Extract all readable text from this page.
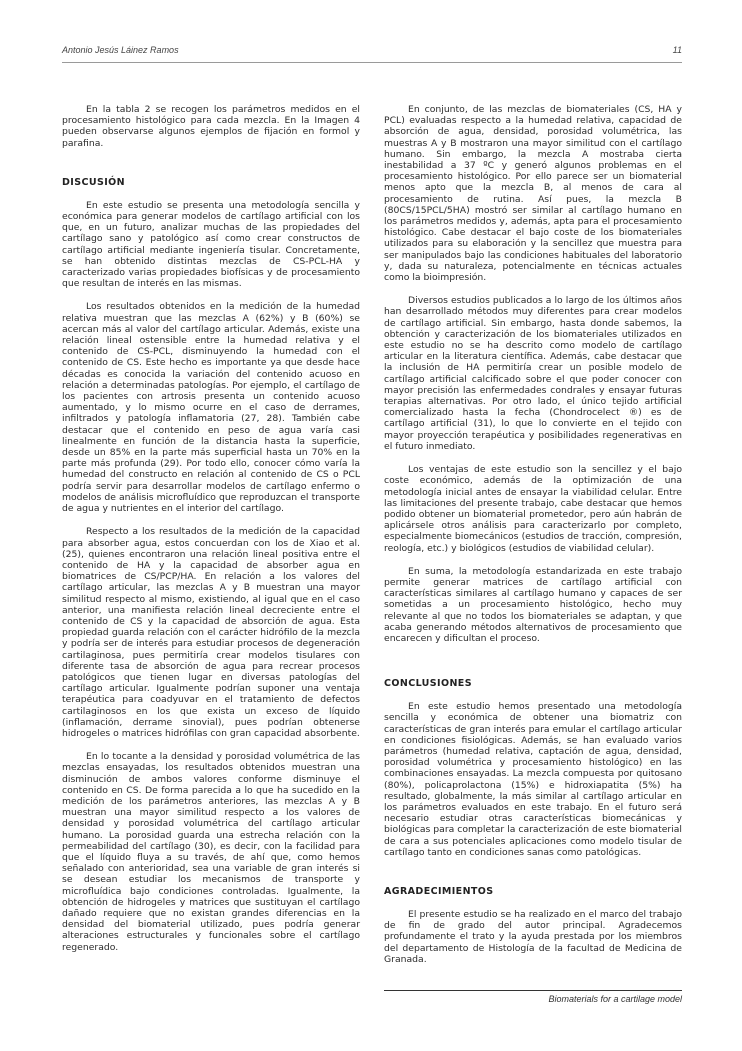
Antonio Jesús Láinez Ramos	11

En la tabla 2 se recogen los parámetros medidos en el procesamiento histológico para cada mezcla. En la Imagen 4 pueden observarse algunos ejemplos de fijación en formol y parafina.

DISCUSIÓN

En este estudio se presenta una metodología sencilla y económica para generar modelos de cartílago artificial con los que, en un futuro, analizar muchas de las propiedades del cartílago sano y patológico así como crear constructos de cartílago artificial mediante ingeniería tisular. Concretamente, se han obtenido distintas mezclas de CS-PCL-HA y caracterizado varias propiedades biofísicas y de procesamiento que resultan de interés en las mismas.

Los resultados obtenidos en la medición de la humedad relativa muestran que las mezclas A (62%) y B (60%) se acercan más al valor del cartílago articular. Además, existe una relación lineal ostensible entre la humedad relativa y el contenido de CS-PCL, disminuyendo la humedad con el contenido de CS. Este hecho es importante ya que desde hace décadas es conocida la variación del contenido acuoso en relación a determinadas patologías. Por ejemplo, el cartílago de los pacientes con artrosis presenta un contenido acuoso aumentado, y lo mismo ocurre en el caso de derrames, infiltrados y patología inflamatoria (27, 28). También cabe destacar que el contenido en peso de agua varía casi linealmente en función de la distancia hasta la superficie, desde un 85% en la parte más superficial hasta un 70% en la parte más profunda (29). Por todo ello, conocer cómo varía la humedad del constructo en relación al contenido de CS o PCL podría servir para desarrollar modelos de cartílago enfermo o modelos de análisis microfluídico que reproduzcan el transporte de agua y nutrientes en el interior del cartílago.

Respecto a los resultados de la medición de la capacidad para absorber agua, estos concuerdan con los de Xiao et al. (25), quienes encontraron una relación lineal positiva entre el contenido de HA y la capacidad de absorber agua en biomatrices de CS/PCP/HA. En relación a los valores del cartílago articular, las mezclas A y B muestran una mayor similitud respecto al mismo, existiendo, al igual que en el caso anterior, una manifiesta relación lineal decreciente entre el contenido de CS y la capacidad de absorción de agua. Esta propiedad guarda relación con el carácter hidrófilo de la mezcla y podría ser de interés para estudiar procesos de degeneración cartilaginosa, pues permitiría crear modelos tisulares con diferente tasa de absorción de agua para recrear procesos patológicos que tienen lugar en diversas patologías del cartílago articular. Igualmente podrían suponer una ventaja terapéutica para coadyuvar en el tratamiento de defectos cartilaginosos en los que exista un exceso de líquido (inflamación, derrame sinovial), pues podrían obtenerse hidrogeles o matrices hidrófilas con gran capacidad absorbente.

En lo tocante a la densidad y porosidad volumétrica de las mezclas ensayadas, los resultados obtenidos muestran una disminución de ambos valores conforme disminuye el contenido en CS. De forma parecida a lo que ha sucedido en la medición de los parámetros anteriores, las mezclas A y B muestran una mayor similitud respecto a los valores de densidad y porosidad volumétrica del cartílago articular humano. La porosidad guarda una estrecha relación con la permeabilidad del cartílago (30), es decir, con la facilidad para que el líquido fluya a su través, de ahí que, como hemos señalado con anterioridad, sea una variable de gran interés si se desean estudiar los mecanismos de transporte y microfluídica bajo condiciones controladas. Igualmente, la obtención de hidrogeles y matrices que sustituyan el cartílago dañado requiere que no existan grandes diferencias en la densidad del biomaterial utilizado, pues podría generar alteraciones estructurales y funcionales sobre el cartílago regenerado.

En conjunto, de las mezclas de biomateriales (CS, HA y PCL) evaluadas respecto a la humedad relativa, capacidad de absorción de agua, densidad, porosidad volumétrica, las muestras A y B mostraron una mayor similitud con el cartílago humano. Sin embargo, la mezcla A mostraba cierta inestabilidad a 37 ºC y generó algunos problemas en el procesamiento histológico. Por ello parece ser un biomaterial menos apto que la mezcla B, al menos de cara al procesamiento de rutina. Así pues, la mezcla B (80CS/15PCL/5HA) mostró ser similar al cartílago humano en los parámetros medidos y, además, apta para el procesamiento histológico. Cabe destacar el bajo coste de los biomateriales utilizados para su elaboración y la sencillez que muestra para ser manipulados bajo las condiciones habituales del laboratorio y, dada su naturaleza, potencialmente en técnicas actuales como la bioimpresión.

Diversos estudios publicados a lo largo de los últimos años han desarrollado métodos muy diferentes para crear modelos de cartílago artificial. Sin embargo, hasta donde sabemos, la obtención y caracterización de los biomateriales utilizados en este estudio no se ha descrito como modelo de cartílago articular en la literatura científica. Además, cabe destacar que la inclusión de HA permitiría crear un posible modelo de cartílago artificial calcificado sobre el que poder conocer con mayor precisión las enfermedades condrales y ensayar futuras terapias alternativas. Por otro lado, el único tejido artificial comercializado hasta la fecha (Chondrocelect ®) es de cartílago artificial (31), lo que lo convierte en el tejido con mayor proyección terapéutica y posibilidades regenerativas en el futuro inmediato.

Los ventajas de este estudio son la sencillez y el bajo coste económico, además de la optimización de una metodología inicial antes de ensayar la viabilidad celular. Entre las limitaciones del presente trabajo, cabe destacar que hemos podido obtener un biomaterial prometedor, pero aún habrán de aplicársele otros análisis para caracterizarlo por completo, especialmente biomecánicos (estudios de tracción, compresión, reología, etc.) y biológicos (estudios de viabilidad celular).

En suma, la metodología estandarizada en este trabajo permite generar matrices de cartílago artificial con características similares al cartílago humano y capaces de ser sometidas a un procesamiento histológico, hecho muy relevante al que no todos los biomateriales se adaptan, y que acaba generando métodos alternativos de procesamiento que encarecen y dificultan el proceso.

CONCLUSIONES

En este estudio hemos presentado una metodología sencilla y económica de obtener una biomatriz con características de gran interés para emular el cartílago articular en condiciones fisiológicas. Además, se han evaluado varios parámetros (humedad relativa, captación de agua, densidad, porosidad volumétrica y procesamiento histológico) en las combinaciones ensayadas. La mezcla compuesta por quitosano (80%), policaprolactona (15%) e hidroxiapatita (5%) ha resultado, globalmente, la más similar al cartílago articular en los parámetros evaluados en este trabajo. En el futuro será necesario estudiar otras características biomecánicas y biológicas para completar la caracterización de este biomaterial de cara a sus potenciales aplicaciones como modelo tisular de cartílago tanto en condiciones sanas como patológicas.

AGRADECIMIENTOS

El presente estudio se ha realizado en el marco del trabajo de fin de grado del autor principal. Agradecemos profundamente el trato y la ayuda prestada por los miembros del departamento de Histología de la facultad de Medicina de Granada.

Biomaterials for a cartilage model
